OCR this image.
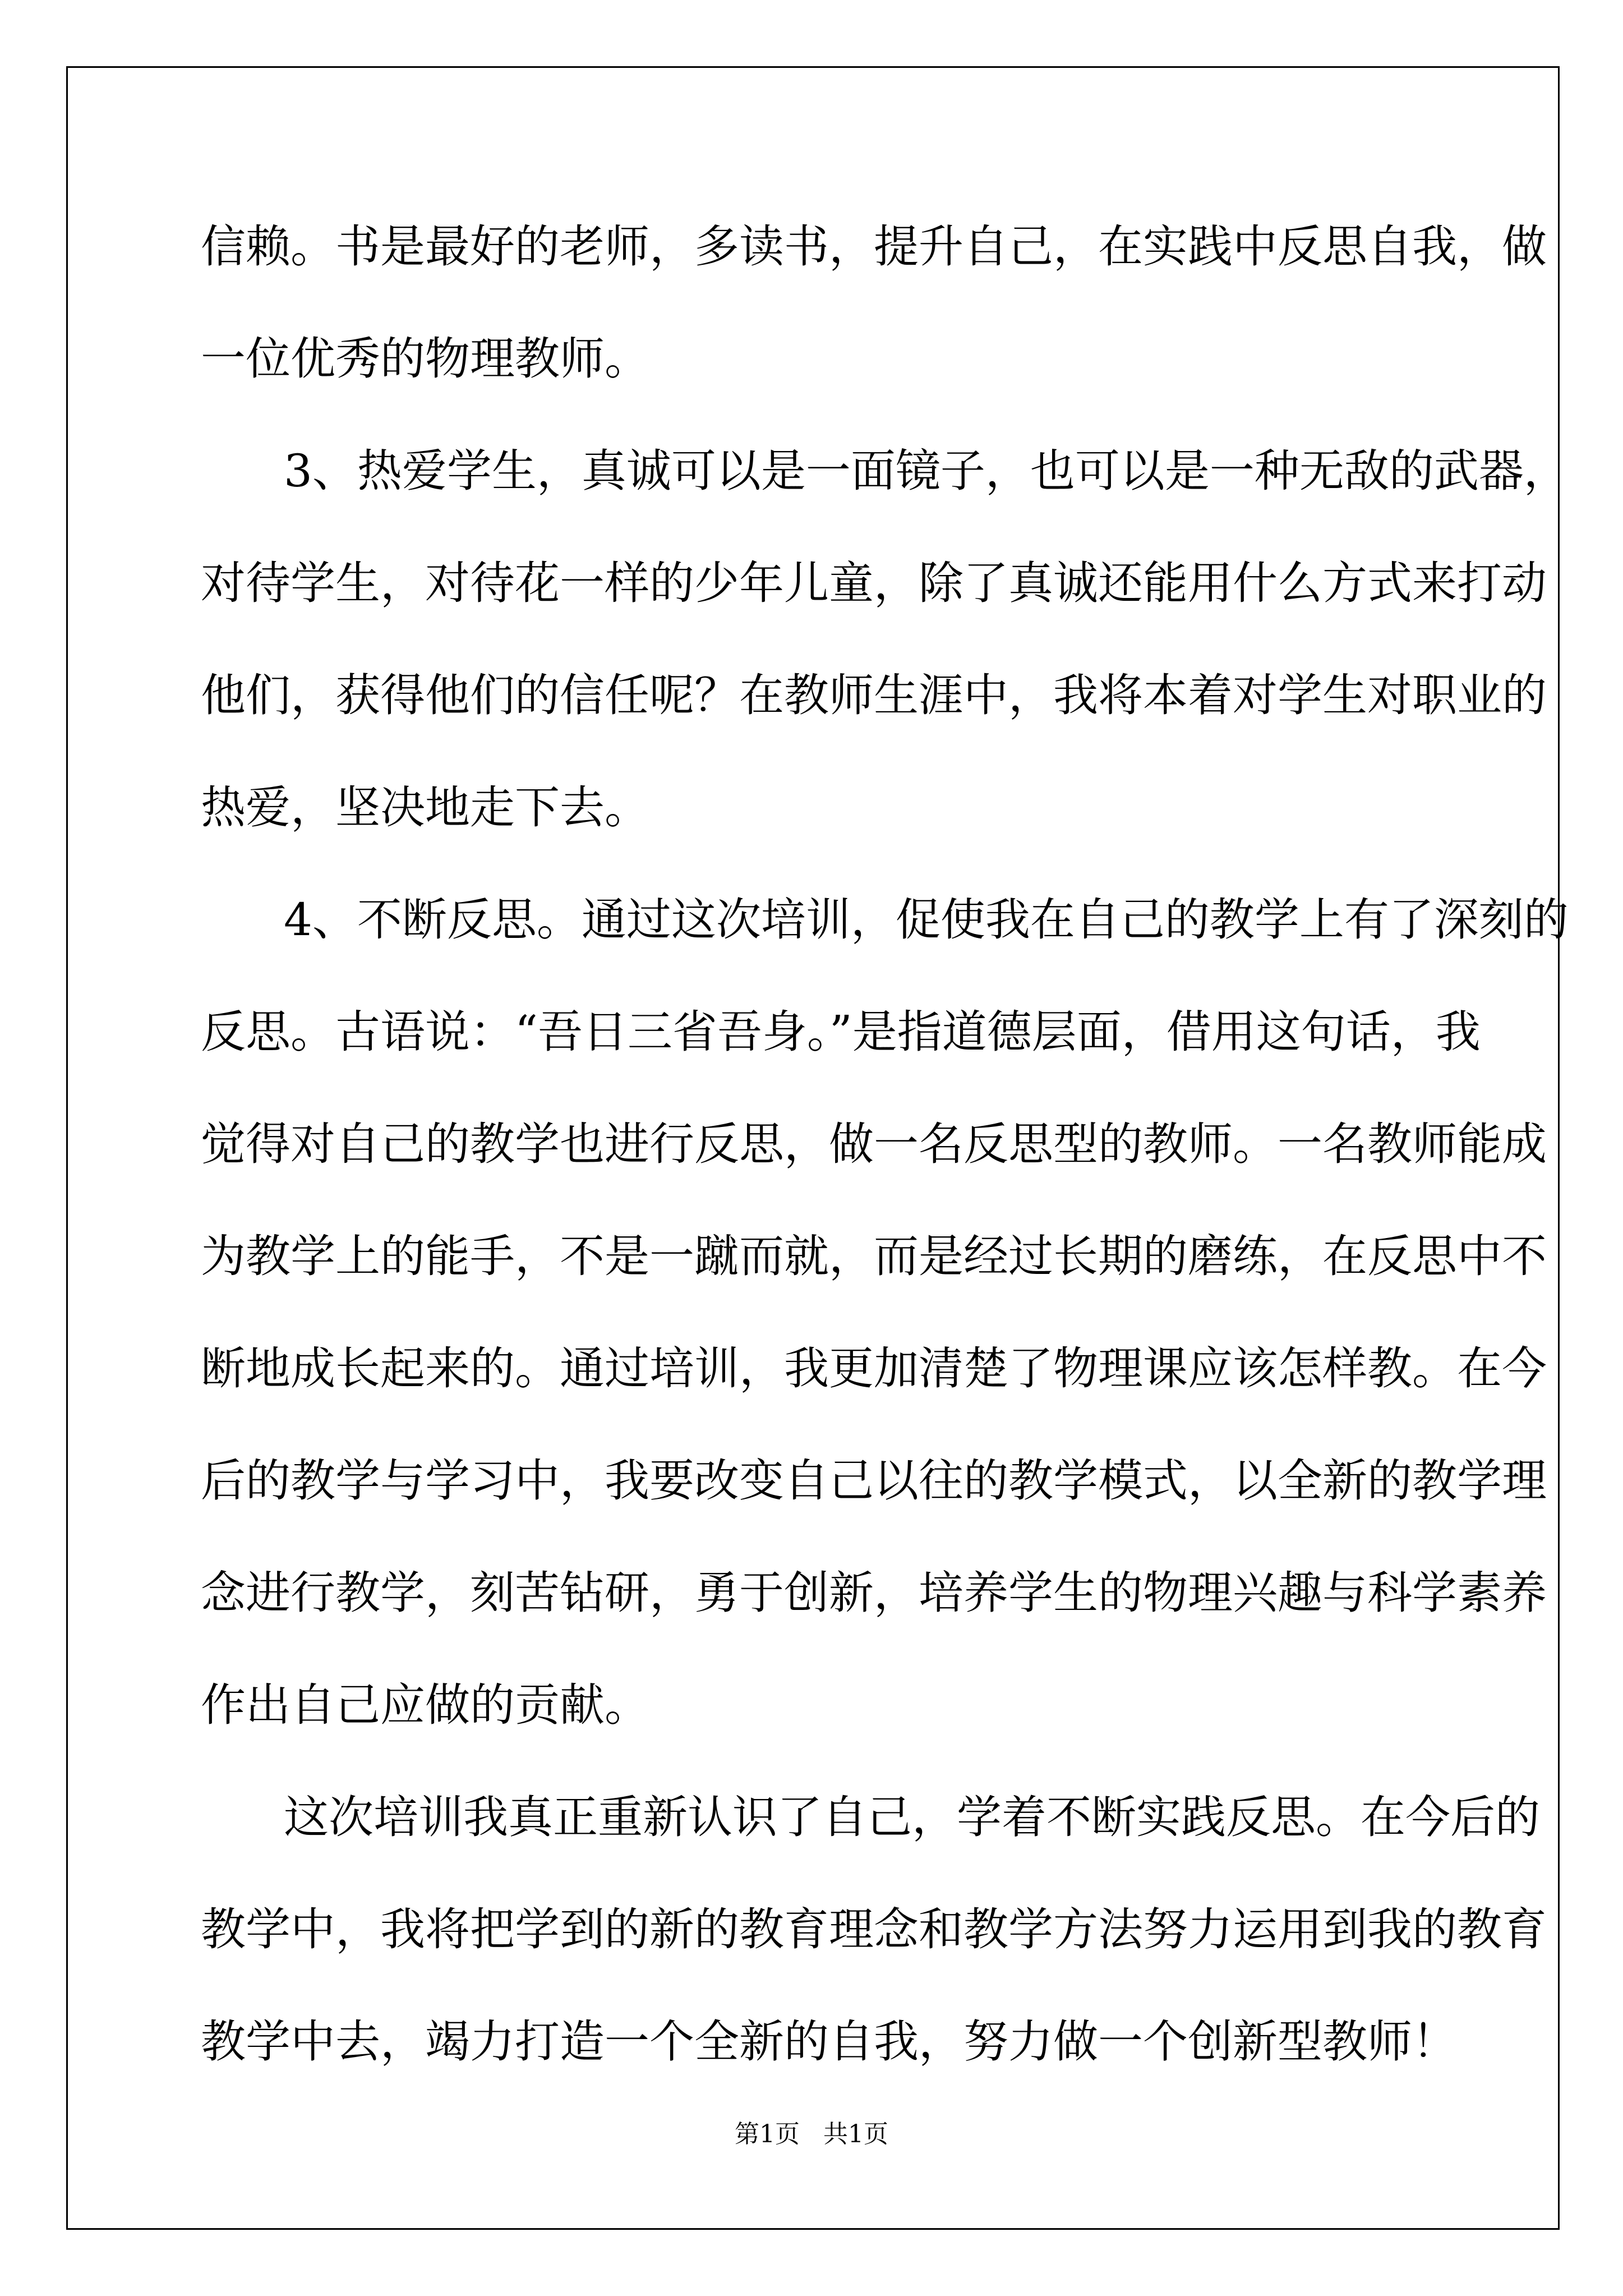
信赖。书是最好的老师，多读书，提升自己，在实践中反思自我，做
一位优秀的物理教师。
3、热爱学生，真诚可以是一面镜子，也可以是一种无敌的武器，
对待学生，对待花一样的少年儿童，除了真诚还能用什么方式来打动
他们，获得他们的信任呢？在教师生涯中，我将本着对学生对职业的
热爱，坚决地走下去。
4、不断反思。通过这次培训，促使我在自己的教学上有了深刻的
反思。古语说：“吾日三省吾身。”是指道德层面，借用这句话，我
觉得对自己的教学也进行反思，做一名反思型的教师。一名教师能成
为教学上的能手，不是一蹴而就，而是经过长期的磨练，在反思中不
断地成长起来的。通过培训，我更加清楚了物理课应该怎样教。在今
后的教学与学习中，我要改变自己以往的教学模式，以全新的教学理
念进行教学，刻苦钻研，勇于创新，培养学生的物理兴趣与科学素养
作出自己应做的贡献。
这次培训我真正重新认识了自己，学着不断实践反思。在今后的
教学中，我将把学到的新的教育理念和教学方法努力运用到我的教育
教学中去，竭力打造一个全新的自我，努力做一个创新型教师！
第1页   共1页
